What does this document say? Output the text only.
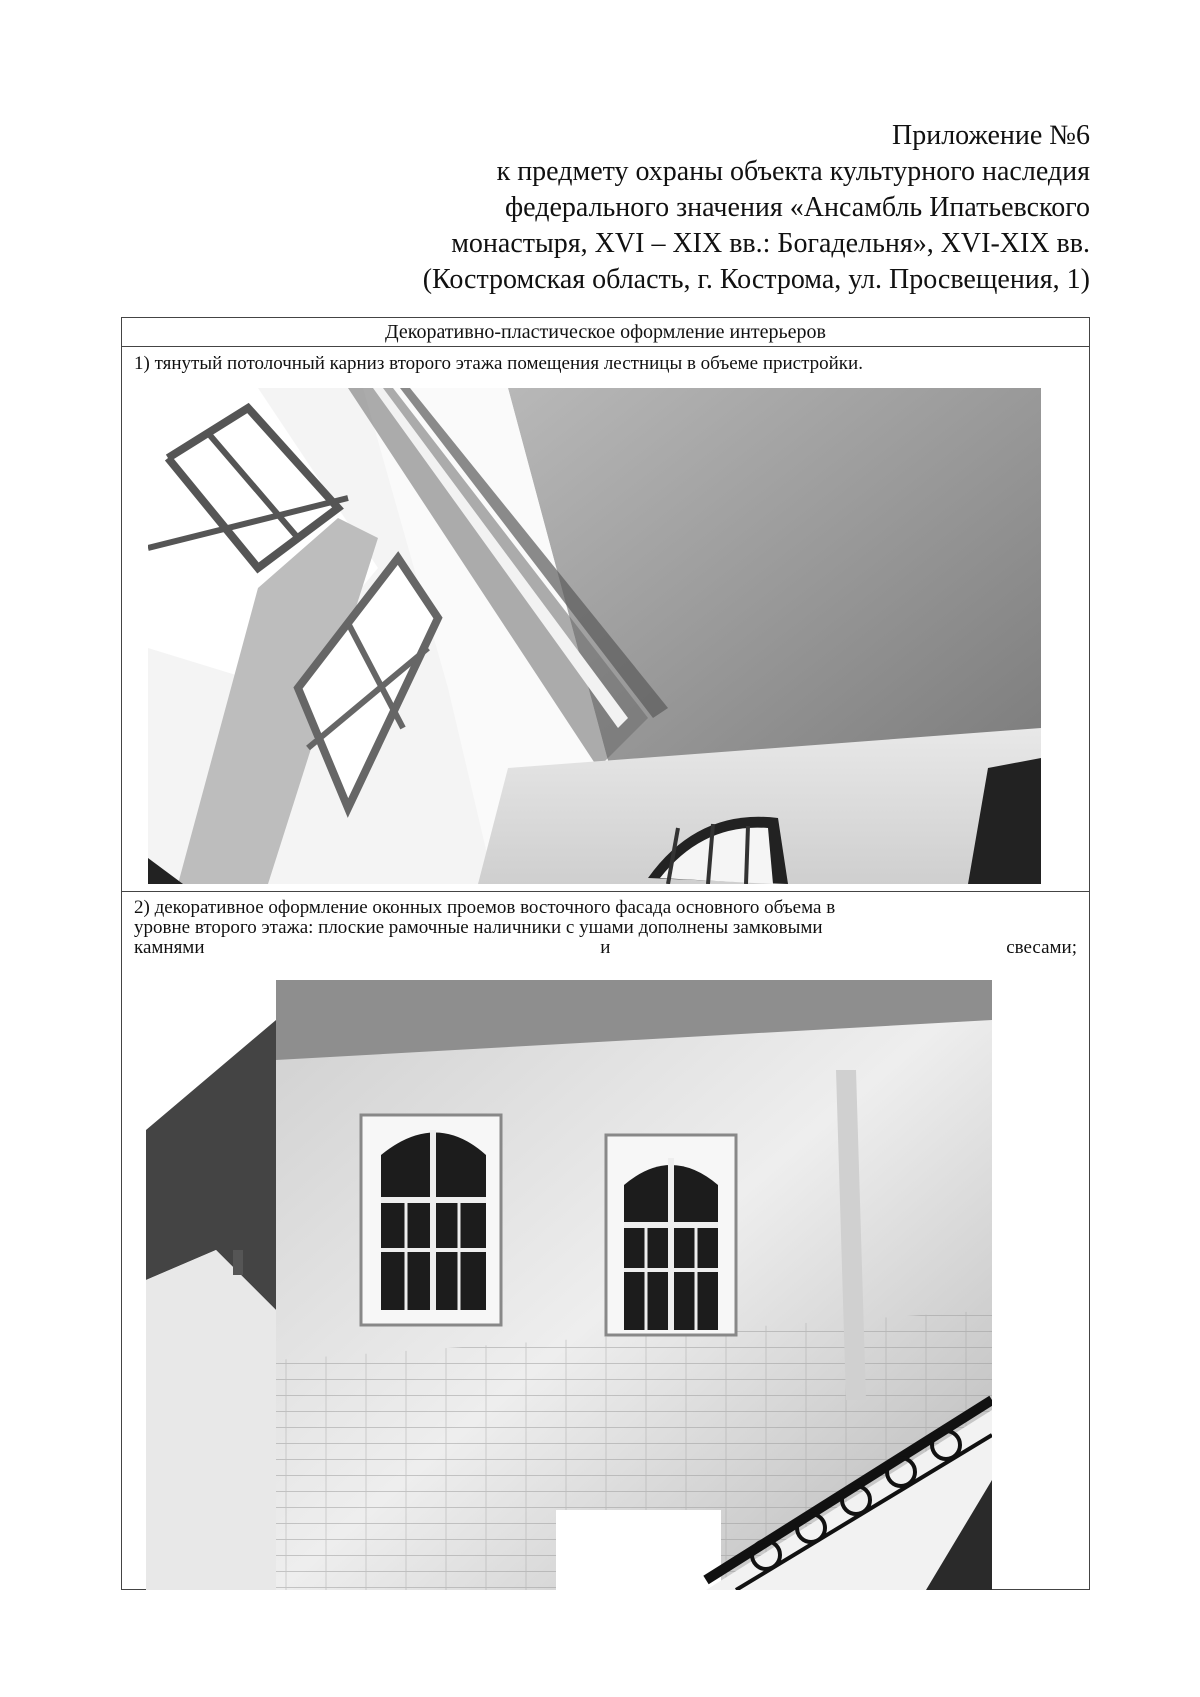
Приложение №6
к предмету охраны объекта культурного наследия
федерального значения «Ансамбль Ипатьевского
монастыря, XVI – XIX вв.: Богадельня», XVI-XIX вв.
(Костромская область, г. Кострома, ул. Просвещения, 1)
Декоративно-пластическое оформление интерьеров
1) тянутый потолочный карниз второго этажа помещения лестницы в объеме пристройки.
2) декоративное оформление оконных проемов восточного фасада основного объема в
уровне второго этажа: плоские рамочные наличники с ушами дополнены замковыми
камнями	и	свесами;
